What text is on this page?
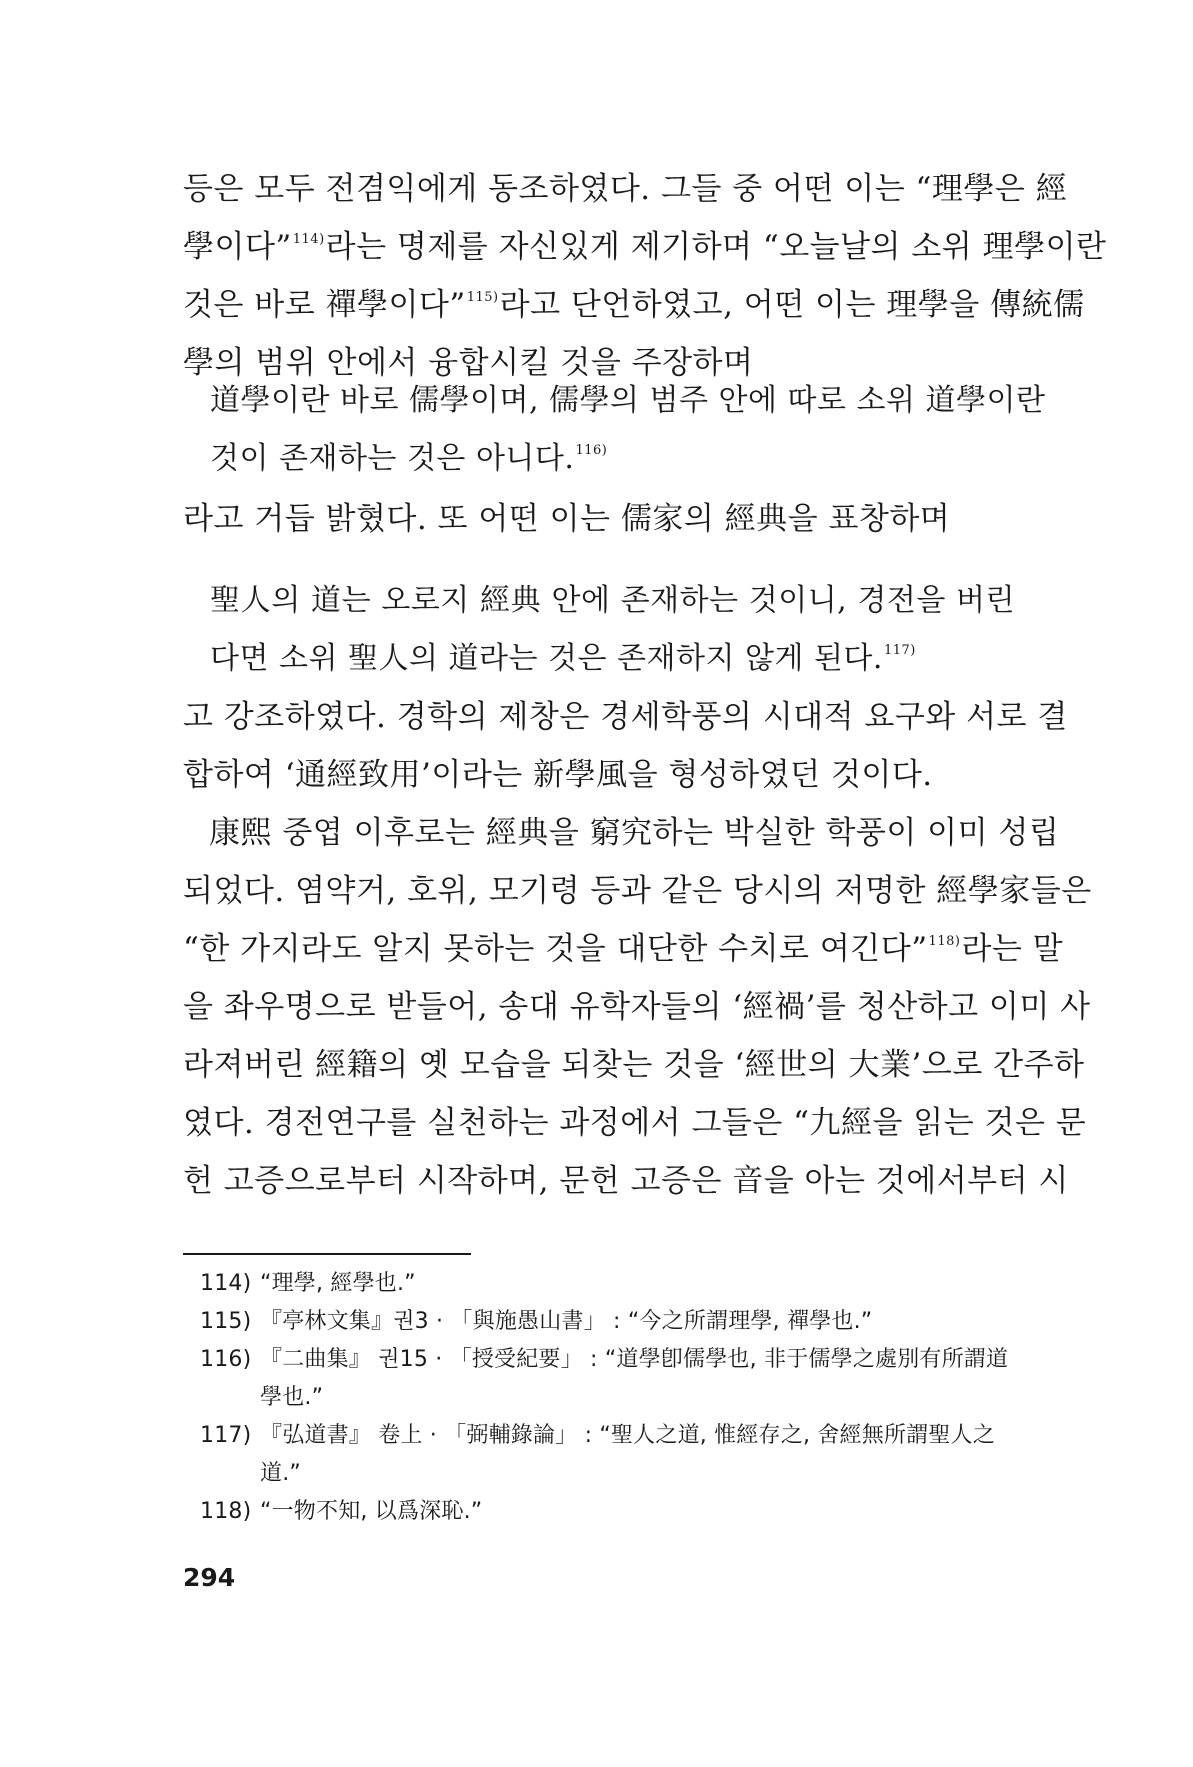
등은 모두 전겸익에게 동조하였다. 그들 중 어떤 이는 “理學은 經
學이다”$^{114)}$라는 명제를 자신있게 제기하며 “오늘날의 소위 理學이란
것은 바로 禪學이다”$^{115)}$라고 단언하였고, 어떤 이는 理學을 傳統儒
學의 범위 안에서 융합시킬 것을 주장하며
道學이란 바로 儒學이며, 儒學의 범주 안에 따로 소위 道學이란
것이 존재하는 것은 아니다.$^{116)}$
라고 거듭 밝혔다. 또 어떤 이는 儒家의 經典을 표창하며
聖人의 道는 오로지 經典 안에 존재하는 것이니, 경전을 버린
다면 소위 聖人의 道라는 것은 존재하지 않게 된다.$^{117)}$
고 강조하였다. 경학의 제창은 경세학풍의 시대적 요구와 서로 결
합하여 ‘通經致用’이라는 新學風을 형성하였던 것이다.
康熙 중엽 이후로는 經典을 窮究하는 박실한 학풍이 이미 성립
되었다. 염약거, 호위, 모기령 등과 같은 당시의 저명한 經學家들은
“한 가지라도 알지 못하는 것을 대단한 수치로 여긴다”$^{118)}$라는 말
을 좌우명으로 받들어, 송대 유학자들의 ‘經禍’를 청산하고 이미 사
라져버린 經籍의 옛 모습을 되찾는 것을 ‘經世의 大業’으로 간주하
였다. 경전연구를 실천하는 과정에서 그들은 “九經을 읽는 것은 문
헌 고증으로부터 시작하며, 문헌 고증은 音을 아는 것에서부터 시
114) “理學, 經學也.”
115) 『亭林文集』권3 · 「與施愚山書」 : “今之所謂理學, 禪學也.”
116) 『二曲集』 권15 · 「授受紀要」 : “道學卽儒學也, 非于儒學之處別有所謂道
學也.”
117) 『弘道書』 卷上 · 「弼輔錄論」 : “聖人之道, 惟經存之, 舍經無所謂聖人之
道.”
118) “一物不知, 以爲深恥.”
294
